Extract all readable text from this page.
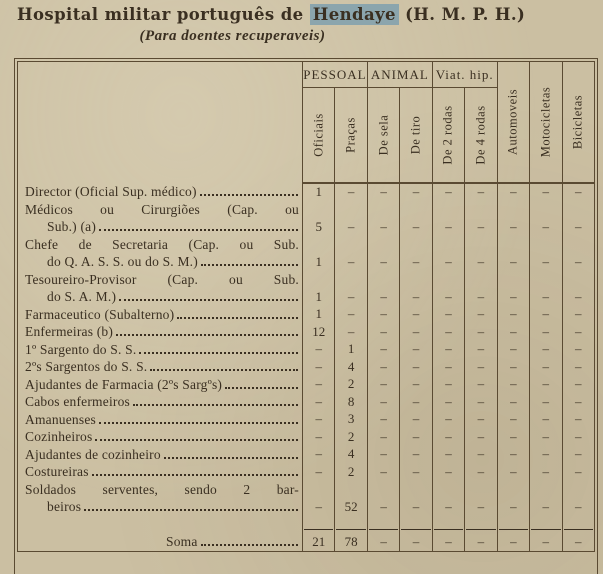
Hospital militar português de Hendaye (H. M. P. H.)
(Para doentes recuperaveis)
	PESSOAL		ANIMAL		Viat. hip.		Automoveis	Motocicletas	Bicicletas

	Oficiais	Praças	De sela	De tiro	De 2 rodas	De 4 rodas			

Director (Oficial Sup. médico)	1	–	–	–	–	–	–	–	–

Médicos ou Cirurgiões (Cap. ou
Sub.) (a)	5	–	–	–	–	–	–	–	–

Chefe de Secretaria (Cap. ou Sub.
do Q. A. S. S. ou do S. M.)	1	–	–	–	–	–	–	–	–

Tesoureiro-Provisor (Cap. ou Sub.
do S. A. M.)	1	–	–	–	–	–	–	–	–

Farmaceutico (Subalterno)	1	–	–	–	–	–	–	–	–

Enfermeiras (b)	12	–	–	–	–	–	–	–	–

1º Sargento do S. S.	–	1	–	–	–	–	–	–	–

2ºs Sargentos do S. S.	–	4	–	–	–	–	–	–	–

Ajudantes de Farmacia (2ºs Sargºs)	–	2	–	–	–	–	–	–	–

Cabos enfermeiros	–	8	–	–	–	–	–	–	–

Amanuenses	–	3	–	–	–	–	–	–	–

Cozinheiros	–	2	–	–	–	–	–	–	–

Ajudantes de cozinheiro	–	4	–	–	–	–	–	–	–

Costureiras	–	2	–	–	–	–	–	–	–

Soldados serventes, sendo 2 bar-
beiros	–	52	–	–	–	–	–	–	–

Soma	21	78	–	–	–	–	–	–	–
